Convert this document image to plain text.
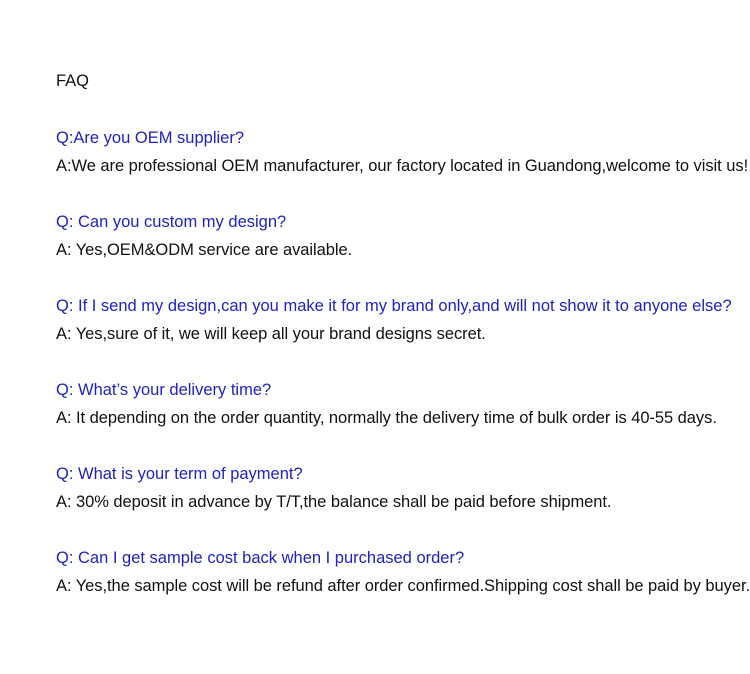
FAQ

Q:Are you OEM supplier?

A:We are professional OEM manufacturer, our factory located in Guandong,welcome to visit us!

Q: Can you custom my design?

A: Yes,OEM&ODM service are available.

Q: If I send my design,can you make it for my brand only,and will not show it to anyone else?

A: Yes,sure of it, we will keep all your brand designs secret.

Q: What’s your delivery time?

A: It depending on the order quantity, normally the delivery time of bulk order is 40-55 days.

Q: What is your term of payment?

A: 30% deposit in advance by T/T,the balance shall be paid before shipment.

Q: Can I get sample cost back when I purchased order?

A: Yes,the sample cost will be refund after order confirmed.Shipping cost shall be paid by buyer.
